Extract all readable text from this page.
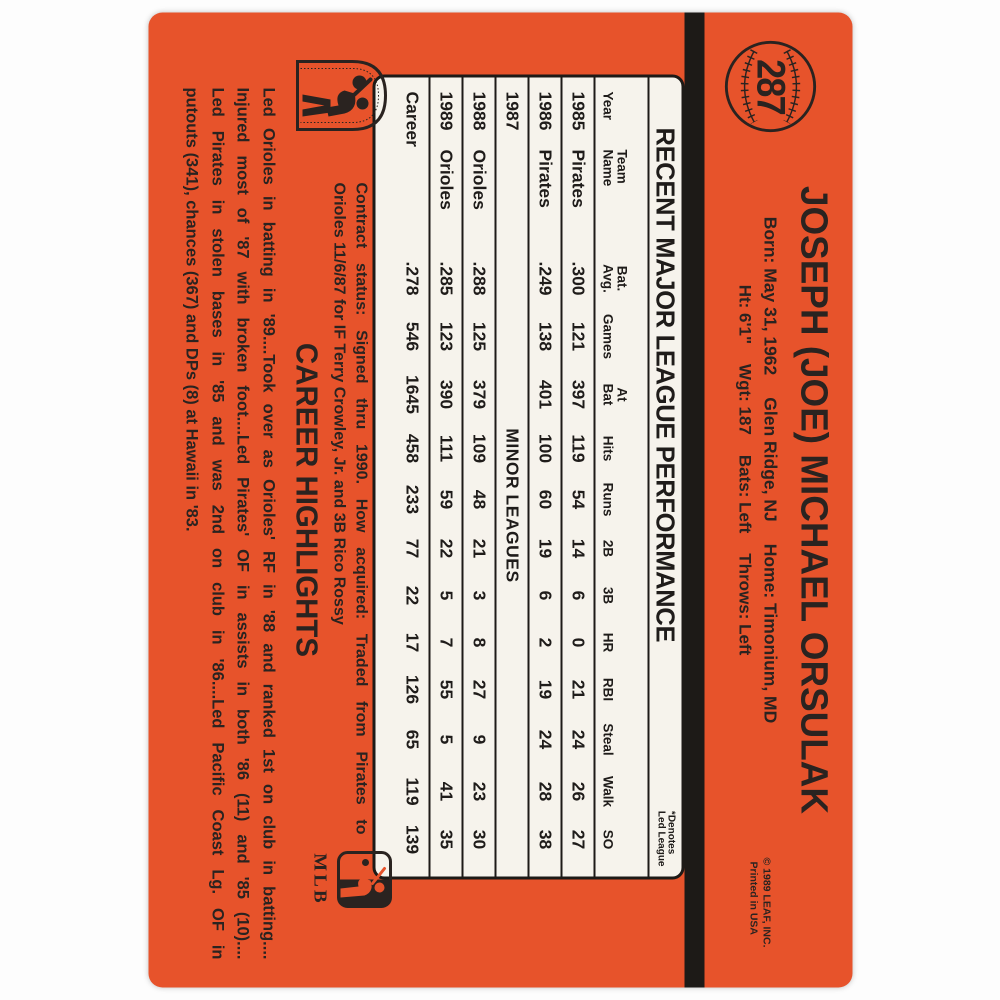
287
JOSEPH (JOE) MICHAEL ORSULAK
Born: May 31, 1962
Glen Ridge, NJ
Home: Timonium, MD
Ht: 6'1"
Wgt: 187
Bats: Left
Throws: Left
© 1989 LEAF, INC.
Printed in USA
RECENT MAJOR LEAGUE PERFORMANCE
*Denotes
Led League
Year
Team
Name
Bat.
Avg.
Games
At
Bat
Hits
Runs
2B
3B
HR
RBI
Steal
Walk
SO
1985
Pirates
.300
121
397
119
54
14
6
0
21
24
26
27
1986
Pirates
.249
138
401
100
60
19
6
2
19
24
28
38
1987
MINOR LEAGUES
1988
Orioles
.288
125
379
109
48
21
3
8
27
9
23
30
1989
Orioles
.285
123
390
111
59
22
5
7
55
5
41
35
Career
.278
546
1645
458
233
77
22
17
126
65
119
139
Contract status: Signed thru 1990. How acquired: Traded from Pirates to
Orioles 11/6/87 for IF Terry Crowley, Jr. and 3B Rico Rossy
MLB
CAREER HIGHLIGHTS
Led Orioles in batting in '89....Took over as Orioles' RF in '88 and ranked 1st on club in batting....
Injured most of '87 with broken foot....Led Pirates' OF in assists in both '86 (11) and '85 (10)....
Led Pirates in stolen bases in '85 and was 2nd on club in '86....Led Pacific Coast Lg. OF in
putouts (341), chances (367) and DPs (8) at Hawaii in '83.
